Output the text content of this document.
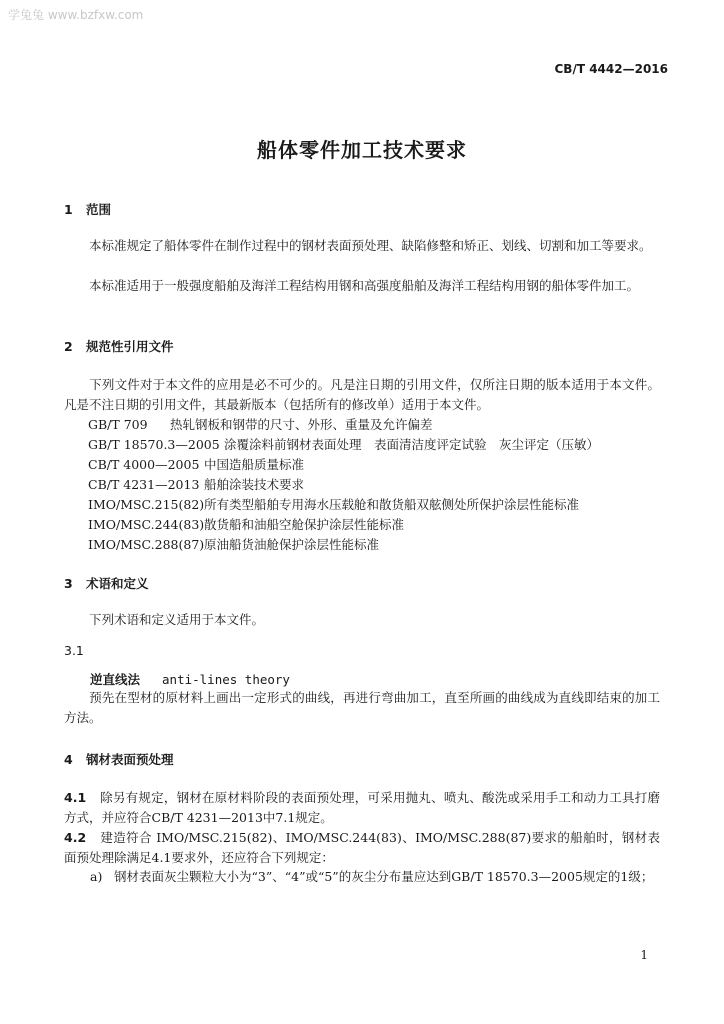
学兔兔 www.bzfxw.com
CB/T 4442—2016
船体零件加工技术要求
1 范围
本标准规定了船体零件在制作过程中的钢材表面预处理、缺陷修整和矫正、划线、切割和加工等要求。
本标准适用于一般强度船舶及海洋工程结构用钢和高强度船舶及海洋工程结构用钢的船体零件加工。
2 规范性引用文件
下列文件对于本文件的应用是必不可少的。凡是注日期的引用文件，仅所注日期的版本适用于本文件。凡是不注日期的引用文件，其最新版本（包括所有的修改单）适用于本文件。
GB/T 709 热轧钢板和钢带的尺寸、外形、重量及允许偏差
GB/T 18570.3—2005 涂覆涂料前钢材表面处理　表面清洁度评定试验　灰尘评定（压敏）
CB/T 4000—2005 中国造船质量标准
CB/T 4231—2013 船舶涂装技术要求
IMO/MSC.215(82)所有类型船舶专用海水压载舱和散货船双舷侧处所保护涂层性能标准
IMO/MSC.244(83)散货船和油船空舱保护涂层性能标准
IMO/MSC.288(87)原油船货油舱保护涂层性能标准
3 术语和定义
下列术语和定义适用于本文件。
3.1
逆直线法 anti-lines theory
预先在型材的原材料上画出一定形式的曲线，再进行弯曲加工，直至所画的曲线成为直线即结束的加工方法。
4 钢材表面预处理
4.1 除另有规定，钢材在原材料阶段的表面预处理，可采用抛丸、喷丸、酸洗或采用手工和动力工具打磨方式，并应符合CB/T 4231—2013中7.1规定。
4.2 建造符合 IMO/MSC.215(82)、IMO/MSC.244(83)、IMO/MSC.288(87)要求的船舶时，钢材表面预处理除满足4.1要求外，还应符合下列规定：
a) 钢材表面灰尘颗粒大小为“3”、“4”或“5”的灰尘分布量应达到GB/T 18570.3—2005规定的1级；
1
